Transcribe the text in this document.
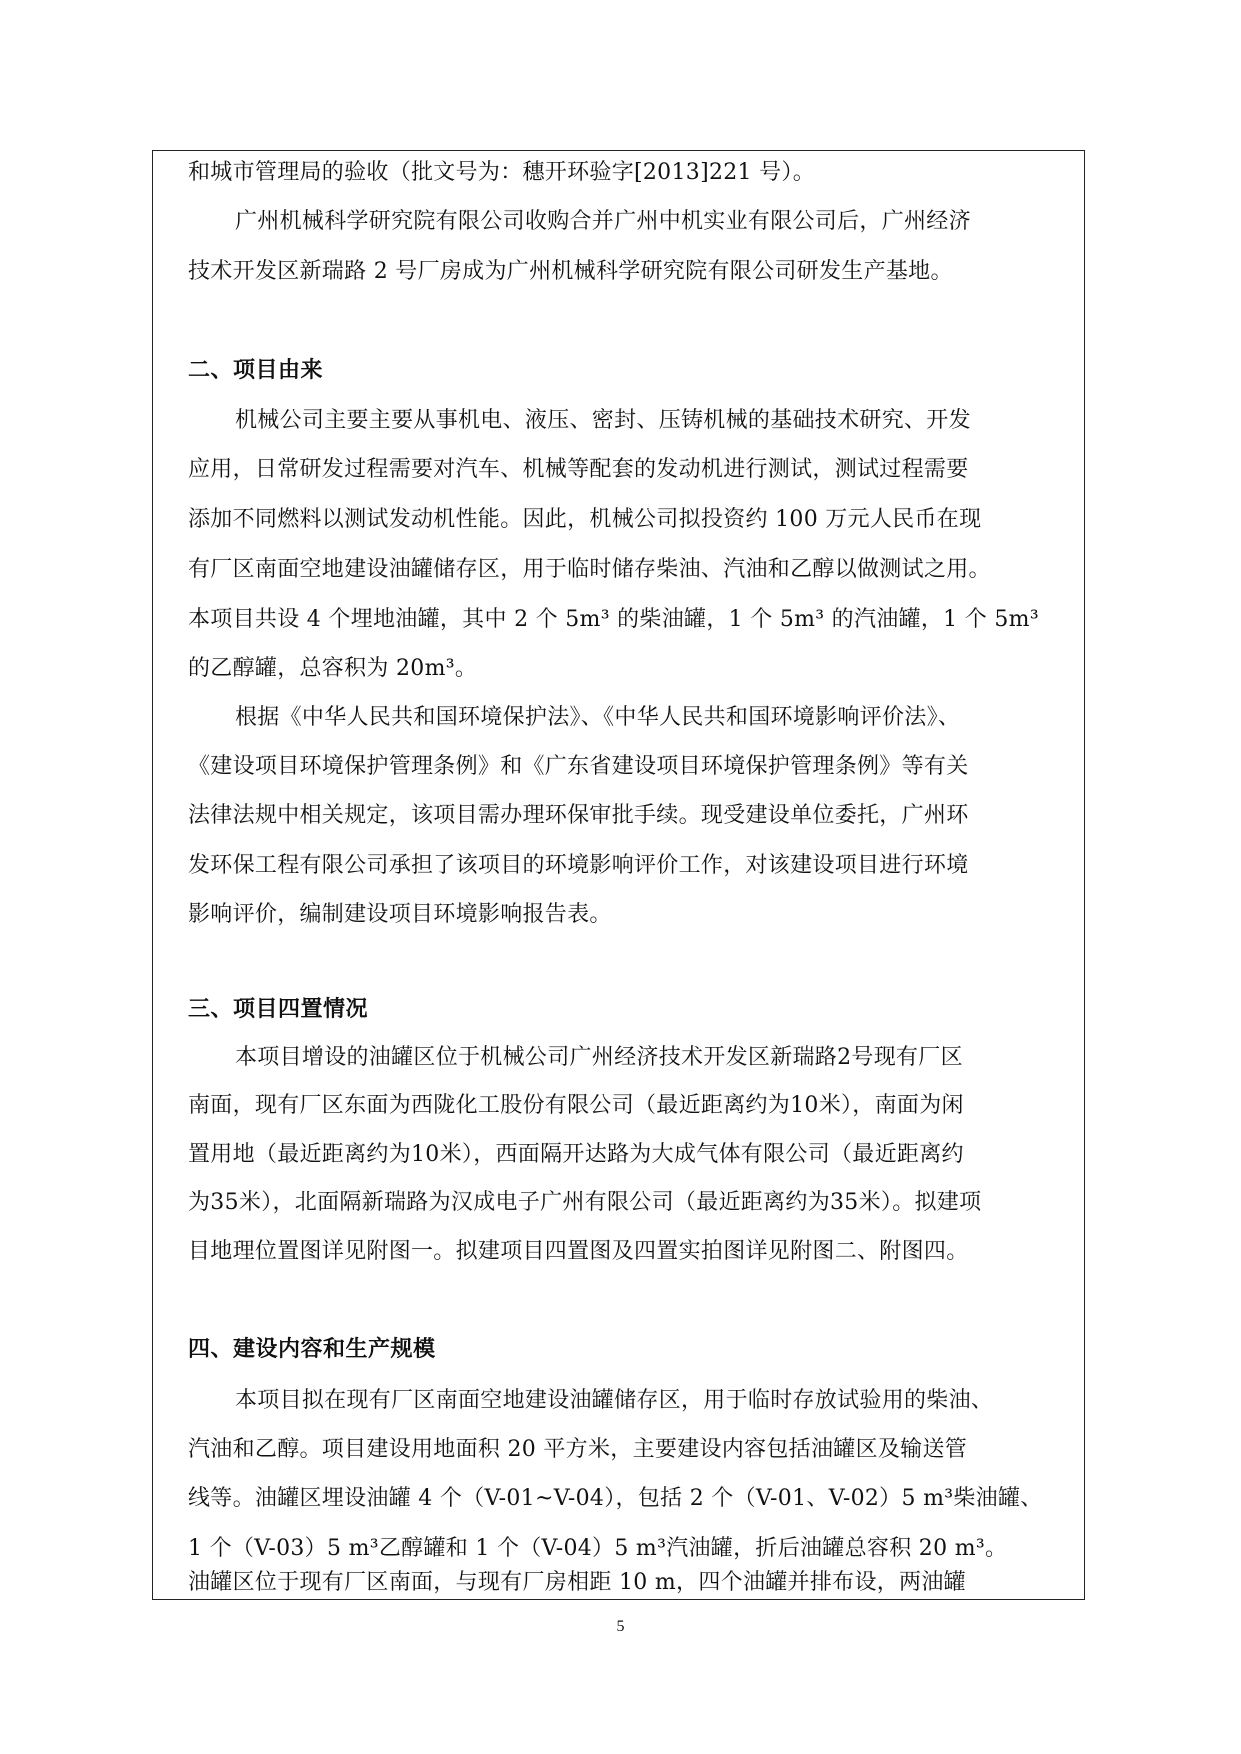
和城市管理局的验收（批文号为：穗开环验字[2013]221 号）。
广州机械科学研究院有限公司收购合并广州中机实业有限公司后，广州经济
技术开发区新瑞路 2 号厂房成为广州机械科学研究院有限公司研发生产基地。
二、项目由来
机械公司主要主要从事机电、液压、密封、压铸机械的基础技术研究、开发
应用，日常研发过程需要对汽车、机械等配套的发动机进行测试，测试过程需要
添加不同燃料以测试发动机性能。因此，机械公司拟投资约 100 万元人民币在现
有厂区南面空地建设油罐储存区，用于临时储存柴油、汽油和乙醇以做测试之用。
本项目共设 4 个埋地油罐，其中 2 个 5m³ 的柴油罐，1 个 5m³ 的汽油罐，1 个 5m³
的乙醇罐，总容积为 20m³。
根据《中华人民共和国环境保护法》、《中华人民共和国环境影响评价法》、
《建设项目环境保护管理条例》和《广东省建设项目环境保护管理条例》等有关
法律法规中相关规定，该项目需办理环保审批手续。现受建设单位委托，广州环
发环保工程有限公司承担了该项目的环境影响评价工作，对该建设项目进行环境
影响评价，编制建设项目环境影响报告表。
三、项目四置情况
本项目增设的油罐区位于机械公司广州经济技术开发区新瑞路2号现有厂区
南面，现有厂区东面为西陇化工股份有限公司（最近距离约为10米），南面为闲
置用地（最近距离约为10米），西面隔开达路为大成气体有限公司（最近距离约
为35米），北面隔新瑞路为汉成电子广州有限公司（最近距离约为35米）。拟建项
目地理位置图详见附图一。拟建项目四置图及四置实拍图详见附图二、附图四。
四、建设内容和生产规模
本项目拟在现有厂区南面空地建设油罐储存区，用于临时存放试验用的柴油、
汽油和乙醇。项目建设用地面积 20 平方米，主要建设内容包括油罐区及输送管
线等。油罐区埋设油罐 4 个（V-01~V-04），包括 2 个（V-01、V-02）5 m³柴油罐、
1 个（V-03）5 m³乙醇罐和 1 个（V-04）5 m³汽油罐，折后油罐总容积 20 m³。
油罐区位于现有厂区南面，与现有厂房相距 10 m，四个油罐并排布设，两油罐
5
